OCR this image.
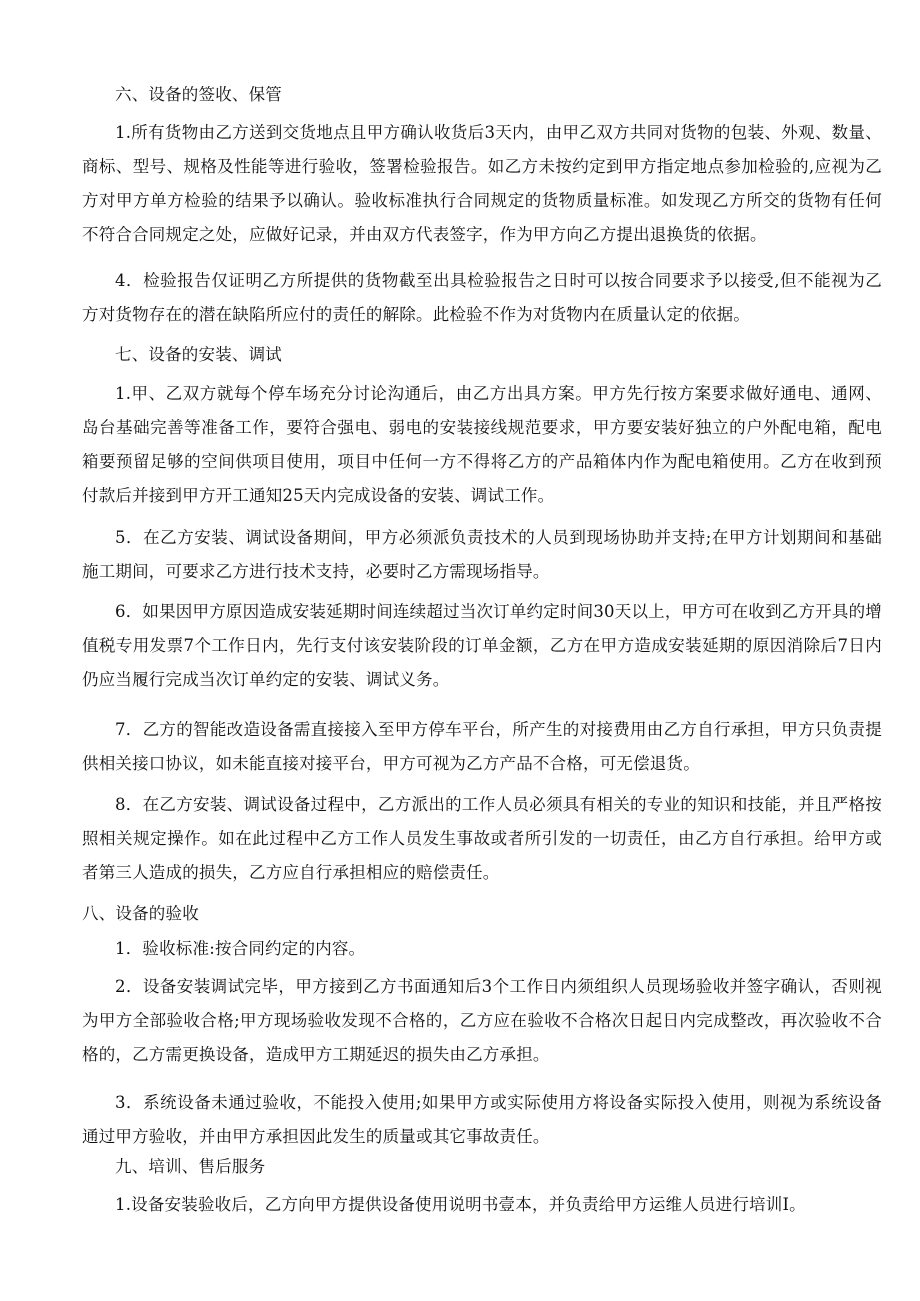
六、设备的签收、保管

1.所有货物由乙方送到交货地点且甲方确认收货后3天内，由甲乙双方共同对货物的包装、外观、数量、商标、型号、规格及性能等进行验收，签署检验报告。如乙方未按约定到甲方指定地点参加检验的,应视为乙方对甲方单方检验的结果予以确认。验收标准执行合同规定的货物质量标准。如发现乙方所交的货物有任何不符合合同规定之处，应做好记录，并由双方代表签字，作为甲方向乙方提出退换货的依据。

4．检验报告仅证明乙方所提供的货物截至出具检验报告之日时可以按合同要求予以接受,但不能视为乙方对货物存在的潜在缺陷所应付的责任的解除。此检验不作为对货物内在质量认定的依据。

七、设备的安装、调试

1.甲、乙双方就每个停车场充分讨论沟通后，由乙方出具方案。甲方先行按方案要求做好通电、通网、岛台基础完善等准备工作，要符合强电、弱电的安装接线规范要求，甲方要安装好独立的户外配电箱，配电箱要预留足够的空间供项目使用，项目中任何一方不得将乙方的产品箱体内作为配电箱使用。乙方在收到预付款后并接到甲方开工通知25天内完成设备的安装、调试工作。

5．在乙方安装、调试设备期间，甲方必须派负责技术的人员到现场协助并支持;在甲方计划期间和基础施工期间，可要求乙方进行技术支持，必要时乙方需现场指导。

6．如果因甲方原因造成安装延期时间连续超过当次订单约定时间30天以上，甲方可在收到乙方开具的增值税专用发票7个工作日内，先行支付该安装阶段的订单金额，乙方在甲方造成安装延期的原因消除后7日内仍应当履行完成当次订单约定的安装、调试义务。

7．乙方的智能改造设备需直接接入至甲方停车平台，所产生的对接费用由乙方自行承担，甲方只负责提供相关接口协议，如未能直接对接平台，甲方可视为乙方产品不合格，可无偿退货。

8．在乙方安装、调试设备过程中，乙方派出的工作人员必须具有相关的专业的知识和技能，并且严格按照相关规定操作。如在此过程中乙方工作人员发生事故或者所引发的一切责任，由乙方自行承担。给甲方或者第三人造成的损失，乙方应自行承担相应的赔偿责任。

八、设备的验收

1．验收标准:按合同约定的内容。

2．设备安装调试完毕，甲方接到乙方书面通知后3个工作日内须组织人员现场验收并签字确认，否则视为甲方全部验收合格;甲方现场验收发现不合格的，乙方应在验收不合格次日起日内完成整改，再次验收不合格的，乙方需更换设备，造成甲方工期延迟的损失由乙方承担。

3．系统设备未通过验收，不能投入使用;如果甲方或实际使用方将设备实际投入使用，则视为系统设备通过甲方验收，并由甲方承担因此发生的质量或其它事故责任。

九、培训、售后服务

1.设备安装验收后，乙方向甲方提供设备使用说明书壹本，并负责给甲方运维人员进行培训I。
